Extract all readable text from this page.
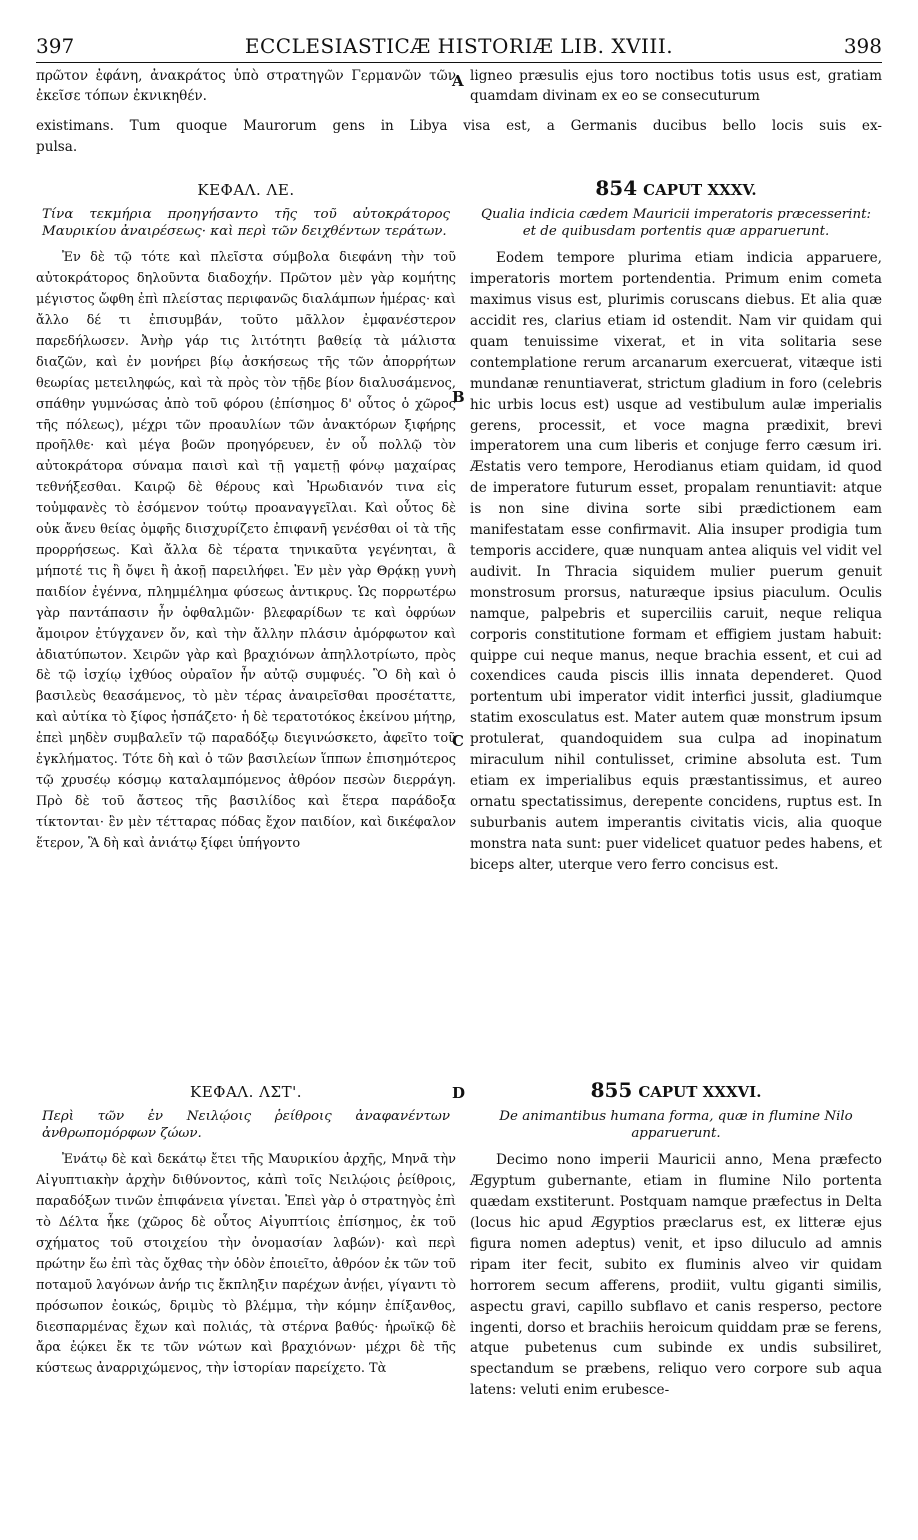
397	ECCLESIASTICÆ HISTORIÆ LIB. XVIII.	398

πρῶτον ἐφάνη, ἀνακράτος ὑπὸ στρατηγῶν Γερμανῶν τῶν ἐκεῖσε τόπων ἐκνικηθέν.

ligneo præsulis ejus toro noctibus totis usus est, gratiam quamdam divinam ex eo se consecuturum

A
existimans. Tum quoque Maurorum gens in Libya visa est, a Germanis ducibus bello locis suis ex-
pulsa.
ΚΕΦΑΛ. ΛΕ.
Τίνα τεκμήρια προηγήσαντο τῆς τοῦ αὐτοκράτορος Μαυρικίου ἀναιρέσεως· καὶ περὶ τῶν δειχθέντων τεράτων.

Ἐν δὲ τῷ τότε καὶ πλεῖστα σύμβολα διεφάνη τὴν τοῦ αὐτοκράτορος δηλοῦντα διαδοχήν. Πρῶτον μὲν γὰρ κομήτης μέγιστος ὤφθη ἐπὶ πλείστας περιφανῶς διαλάμπων ἡμέρας· καὶ ἄλλο δέ τι ἐπισυμβάν, τοῦτο μᾶλλον ἐμφανέστερον παρεδήλωσεν. Ἀνὴρ γάρ τις λιτότητι βαθείᾳ τὰ μάλιστα διαζῶν, καὶ ἐν μονήρει βίῳ ἀσκήσεως τῆς τῶν ἀπορρήτων θεωρίας μετειληφώς, καὶ τὰ πρὸς τὸν τῇδε βίον διαλυσάμενος, σπάθην γυμνώσας ἀπὸ τοῦ φόρου (ἐπίσημος δ' οὗτος ὁ χῶρος τῆς πόλεως), μέχρι τῶν προαυλίων τῶν ἀνακτόρων ξιφήρης προῆλθε· καὶ μέγα βοῶν προηγόρευεν, ἐν οὗ πολλῷ τὸν αὐτοκράτορα σύναμα παισὶ καὶ τῇ γαμετῇ φόνῳ μαχαίρας τεθνήξεσθαι. Καιρῷ δὲ θέρους καὶ Ἡρωδιανόν τινα εἰς τοὐμφανὲς τὸ ἐσόμενον τούτῳ προαναγγεῖλαι. Καὶ οὗτος δὲ οὐκ ἄνευ θείας ὀμφῆς διισχυρίζετο ἐπιφανῆ γενέσθαι οἱ τὰ τῆς προρρήσεως. Καὶ ἄλλα δὲ τέρατα τηνικαῦτα γεγένηται, ἃ μήποτέ τις ἢ ὄψει ἢ ἀκοῇ παρειλήφει. Ἐν μὲν γὰρ Θρᾴκῃ γυνὴ παιδίον ἐγέννα, πλημμέλημα φύσεως ἀντικρυς. Ὡς πορρωτέρω γὰρ παντάπασιν ἦν ὀφθαλμῶν· βλεφαρίδων τε καὶ ὀφρύων ἄμοιρον ἐτύγχανεν ὄν, καὶ τὴν ἄλλην πλάσιν ἀμόρφωτον καὶ ἀδιατύπωτον. Χειρῶν γὰρ καὶ βραχιόνων ἀπηλλοτρίωτο, πρὸς δὲ τῷ ἰσχίῳ ἰχθύος οὐραῖον ἦν αὐτῷ συμφυές. Ὃ δὴ καὶ ὁ βασιλεὺς θεασάμενος, τὸ μὲν τέρας ἀναιρεῖσθαι προσέταττε, καὶ αὐτίκα τὸ ξίφος ἠσπάζετο· ἡ δὲ τερατοτόκος ἐκείνου μήτηρ, ἐπεὶ μηδὲν συμβαλεῖν τῷ παραδόξῳ διεγινώσκετο, ἀφεῖτο τοῦ ἐγκλήματος. Τότε δὴ καὶ ὁ τῶν βασιλείων ἵππων ἐπισημότερος τῷ χρυσέῳ κόσμῳ καταλαμπόμενος ἀθρόον πεσὼν διερράγη. Πρὸ δὲ τοῦ ἄστεος τῆς βασιλίδος καὶ ἕτερα παράδοξα τίκτονται· ἓν μὲν τέτταρας πόδας ἔχον παιδίον, καὶ δικέφαλον ἕτερον, Ἃ δὴ καὶ ἀνιάτῳ ξίφει ὑπήγοντο

854 CAPUT XXXV.
Qualia indicia cædem Mauricii imperatoris præcesserint: et de quibusdam portentis quæ apparuerunt.

Eodem tempore plurima etiam indicia apparuere, imperatoris mortem portendentia. Primum enim cometa maximus visus est, plurimis coruscans diebus. Et alia quæ accidit res, clarius etiam id ostendit. Nam vir quidam qui quam tenuissime vixerat, et in vita solitaria sese contemplatione rerum arcanarum exercuerat, vitæque isti mundanæ renuntiaverat, strictum gladium in foro (celebris hic urbis locus est) usque ad vestibulum aulæ imperialis gerens, processit, et voce magna prædixit, brevi imperatorem una cum liberis et conjuge ferro cæsum iri. Æstatis vero tempore, Herodianus etiam quidam, id quod de imperatore futurum esset, propalam renuntiavit: atque is non sine divina sorte sibi prædictionem eam manifestatam esse confirmavit. Alia insuper prodigia tum temporis accidere, quæ nunquam antea aliquis vel vidit vel audivit. In Thracia siquidem mulier puerum genuit monstrosum prorsus, naturæque ipsius piaculum. Oculis namque, palpebris et superciliis caruit, neque reliqua corporis constitutione formam et effigiem justam habuit: quippe cui neque manus, neque brachia essent, et cui ad coxendices cauda piscis illis innata dependeret. Quod portentum ubi imperator vidit interfici jussit, gladiumque statim exosculatus est. Mater autem quæ monstrum ipsum protulerat, quandoquidem sua culpa ad inopinatum miraculum nihil contulisset, crimine absoluta est. Tum etiam ex imperialibus equis præstantissimus, et aureo ornatu spectatissimus, derepente concidens, ruptus est. In suburbanis autem imperantis civitatis vicis, alia quoque monstra nata sunt: puer videlicet quatuor pedes habens, et biceps alter, uterque vero ferro concisus est.

B
C
D
ΚΕΦΑΛ. ΛΣΤ'.
Περὶ τῶν ἐν Νειλῴοις ῥείθροις ἀναφανέντων ἀνθρωπομόρφων ζώων.

Ἐνάτῳ δὲ καὶ δεκάτῳ ἔτει τῆς Μαυρικίου ἀρχῆς, Μηνᾶ τὴν Αἰγυπτιακὴν ἀρχὴν διθύνοντος, κἀπὶ τοῖς Νειλῴοις ῥείθροις, παραδόξων τινῶν ἐπιφάνεια γίνεται. Ἐπεὶ γὰρ ὁ στρατηγὸς ἐπὶ τὸ Δέλτα ἧκε (χῶρος δὲ οὗτος Αἰγυπτίοις ἐπίσημος, ἐκ τοῦ σχήματος τοῦ στοιχείου τὴν ὀνομασίαν λαβών)· καὶ περὶ πρώτην ἕω ἐπὶ τὰς ὄχθας τὴν ὁδὸν ἐποιεῖτο, ἀθρόον ἐκ τῶν τοῦ ποταμοῦ λαγόνων ἀνήρ τις ἔκπληξιν παρέχων ἀνῄει, γίγαντι τὸ πρόσωπον ἐοικώς, δριμὺς τὸ βλέμμα, τὴν κόμην ἐπίξανθος, διεσπαρμένας ἔχων καὶ πολιάς, τὰ στέρνα βαθύς· ἡρωϊκῷ δὲ ἄρα ἐῴκει ἔκ τε τῶν νώτων καὶ βραχιόνων· μέχρι δὲ τῆς κύστεως ἀναρριχώμενος, τὴν ἱστορίαν παρείχετο. Τὰ

855 CAPUT XXXVI.
De animantibus humana forma, quæ in flumine Nilo apparuerunt.

Decimo nono imperii Mauricii anno, Mena præfecto Ægyptum gubernante, etiam in flumine Nilo portenta quædam exstiterunt. Postquam namque præfectus in Delta (locus hic apud Ægyptios præclarus est, ex litteræ ejus figura nomen adeptus) venit, et ipso diluculo ad amnis ripam iter fecit, subito ex fluminis alveo vir quidam horrorem secum afferens, prodiit, vultu giganti similis, aspectu gravi, capillo subflavo et canis resperso, pectore ingenti, dorso et brachiis heroicum quiddam præ se ferens, atque pubetenus cum subinde ex undis subsiliret, spectandum se præbens, reliquo vero corpore sub aqua latens: veluti enim erubesce-
